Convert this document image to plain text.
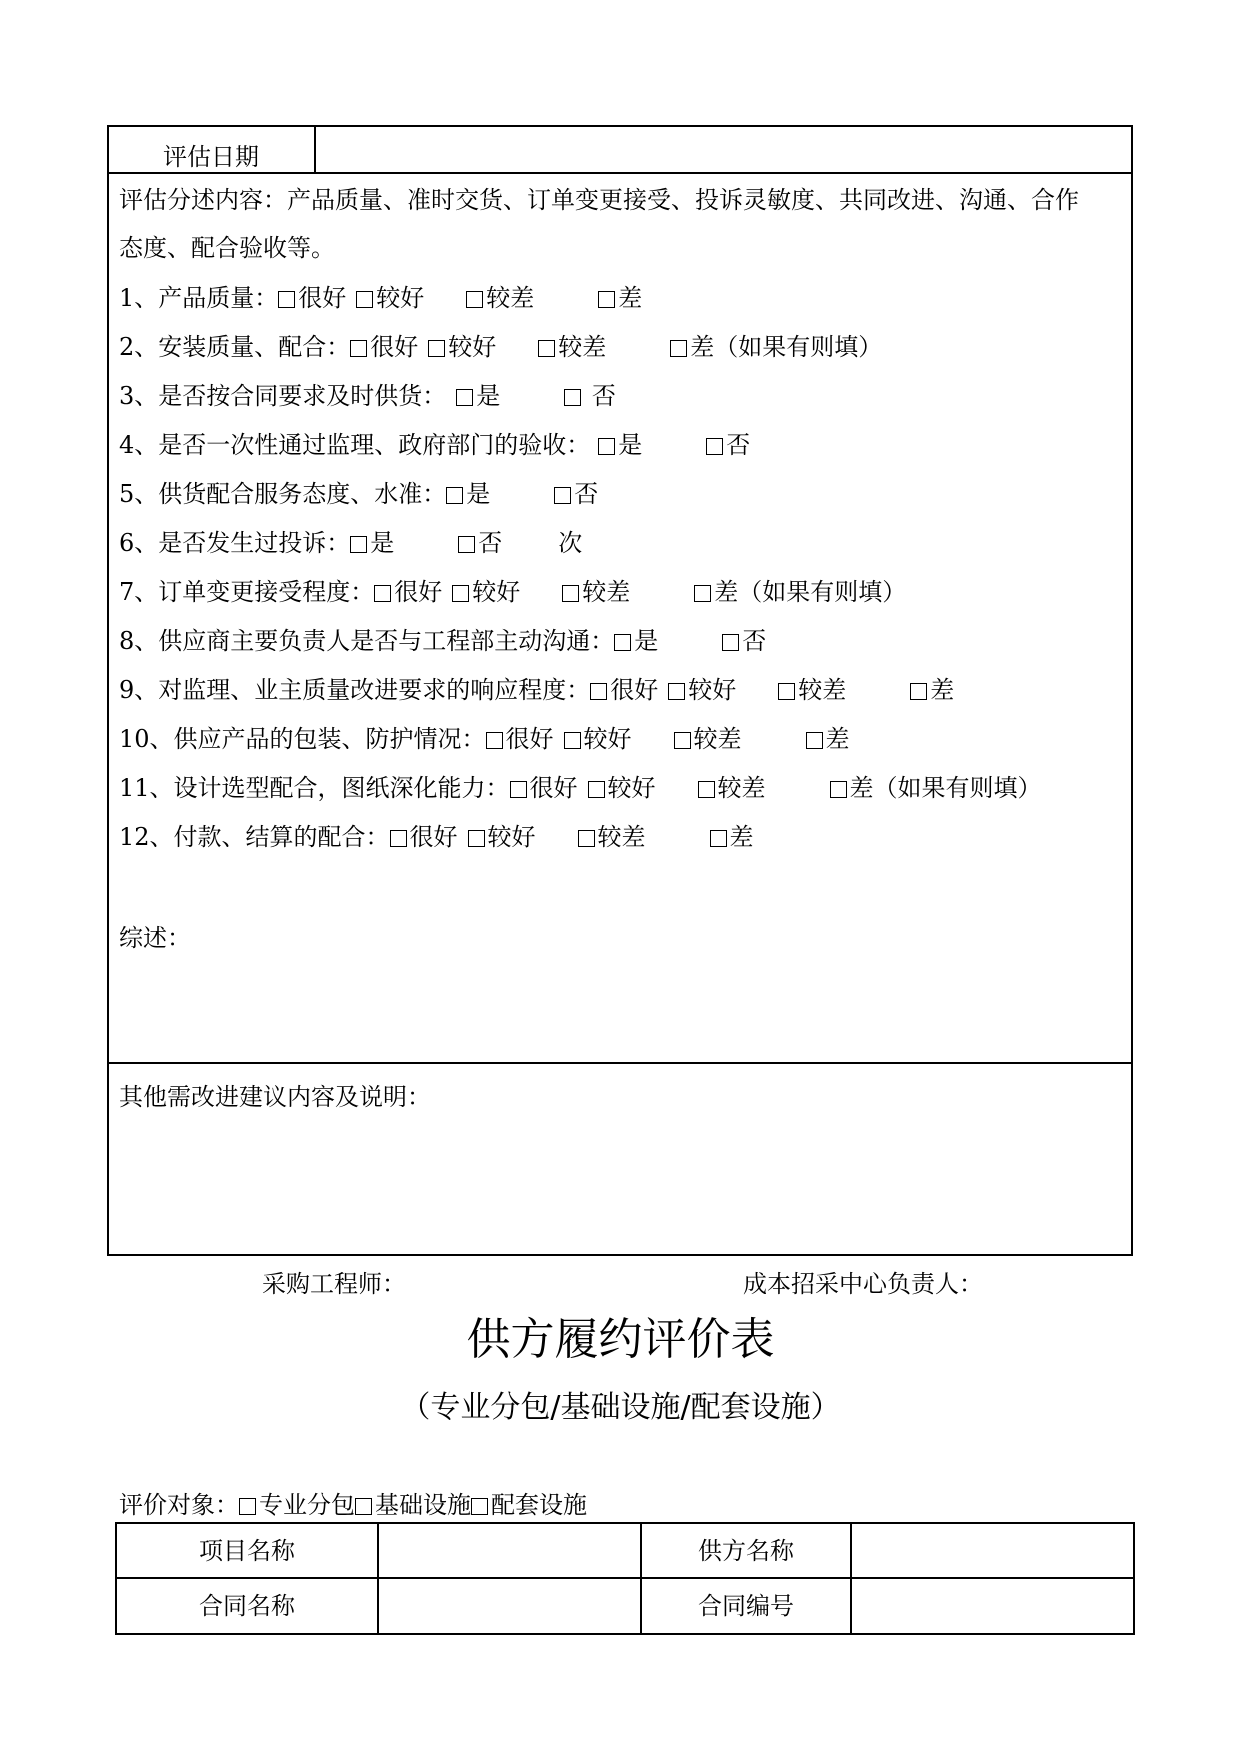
评估日期
评估分述内容：产品质量、准时交货、订单变更接受、投诉灵敏度、共同改进、沟通、合作
态度、配合验收等。
1、产品质量： 很好 较好	较差	差
2、安装质量、配合： 很好 较好	较差	差（如果有则填）
3、是否按合同要求及时供货： 是	否
4、是否一次性通过监理、政府部门的验收： 是	否
5、供货配合服务态度、水准： 是	否
6、是否发生过投诉： 是	否 次
7、订单变更接受程度： 很好 较好	较差	差（如果有则填）
8、供应商主要负责人是否与工程部主动沟通： 是	否
9、对监理、业主质量改进要求的响应程度： 很好 较好	较差	差
10、供应产品的包装、防护情况： 很好 较好	较差	差
11、设计选型配合，图纸深化能力： 很好 较好	较差	差（如果有则填）
12、付款、结算的配合： 很好 较好	较差	差
综述：
其他需改进建议内容及说明：
采购工程师：	成本招采中心负责人：
供方履约评价表
（专业分包/基础设施/配套设施）
评价对象： 专业分包 基础设施 配套设施
项目名称	供方名称
合同名称	合同编号
